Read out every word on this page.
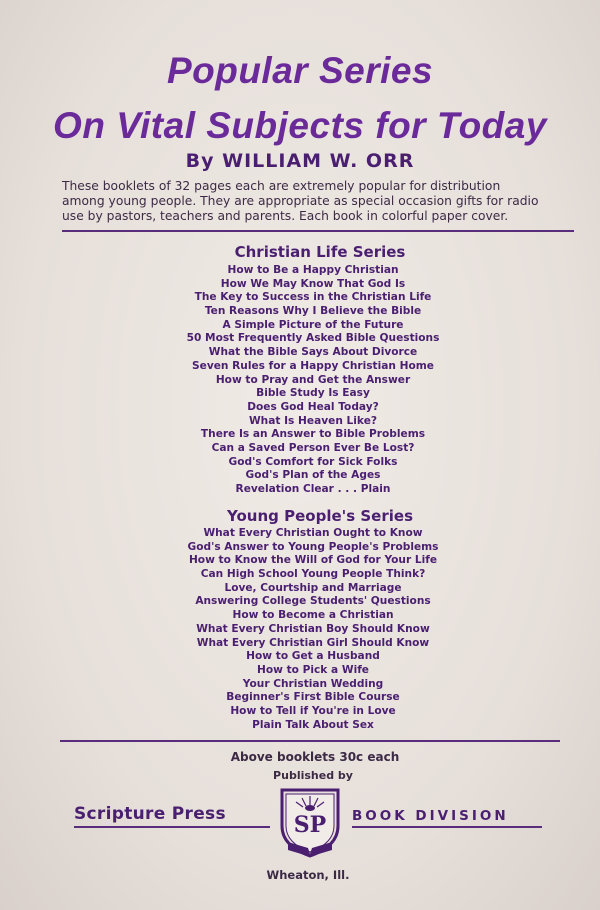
Popular Series
On Vital Subjects for Today
By WILLIAM W. ORR
These booklets of 32 pages each are extremely popular for distribution
among young people. They are appropriate as special occasion gifts for radio
use by pastors, teachers and parents. Each book in colorful paper cover.
Christian Life Series
How to Be a Happy Christian
How We May Know That God Is
The Key to Success in the Christian Life
Ten Reasons Why I Believe the Bible
A Simple Picture of the Future
50 Most Frequently Asked Bible Questions
What the Bible Says About Divorce
Seven Rules for a Happy Christian Home
How to Pray and Get the Answer
Bible Study Is Easy
Does God Heal Today?
What Is Heaven Like?
There Is an Answer to Bible Problems
Can a Saved Person Ever Be Lost?
God's Comfort for Sick Folks
God's Plan of the Ages
Revelation Clear . . . Plain
Young People's Series
What Every Christian Ought to Know
God's Answer to Young People's Problems
How to Know the Will of God for Your Life
Can High School Young People Think?
Love, Courtship and Marriage
Answering College Students' Questions
How to Become a Christian
What Every Christian Boy Should Know
What Every Christian Girl Should Know
How to Get a Husband
How to Pick a Wife
Your Christian Wedding
Beginner's First Bible Course
How to Tell if You're in Love
Plain Talk About Sex
Above booklets 30c each
Published by
Scripture Press	SP BOOK DIVISION
Wheaton, Ill.
